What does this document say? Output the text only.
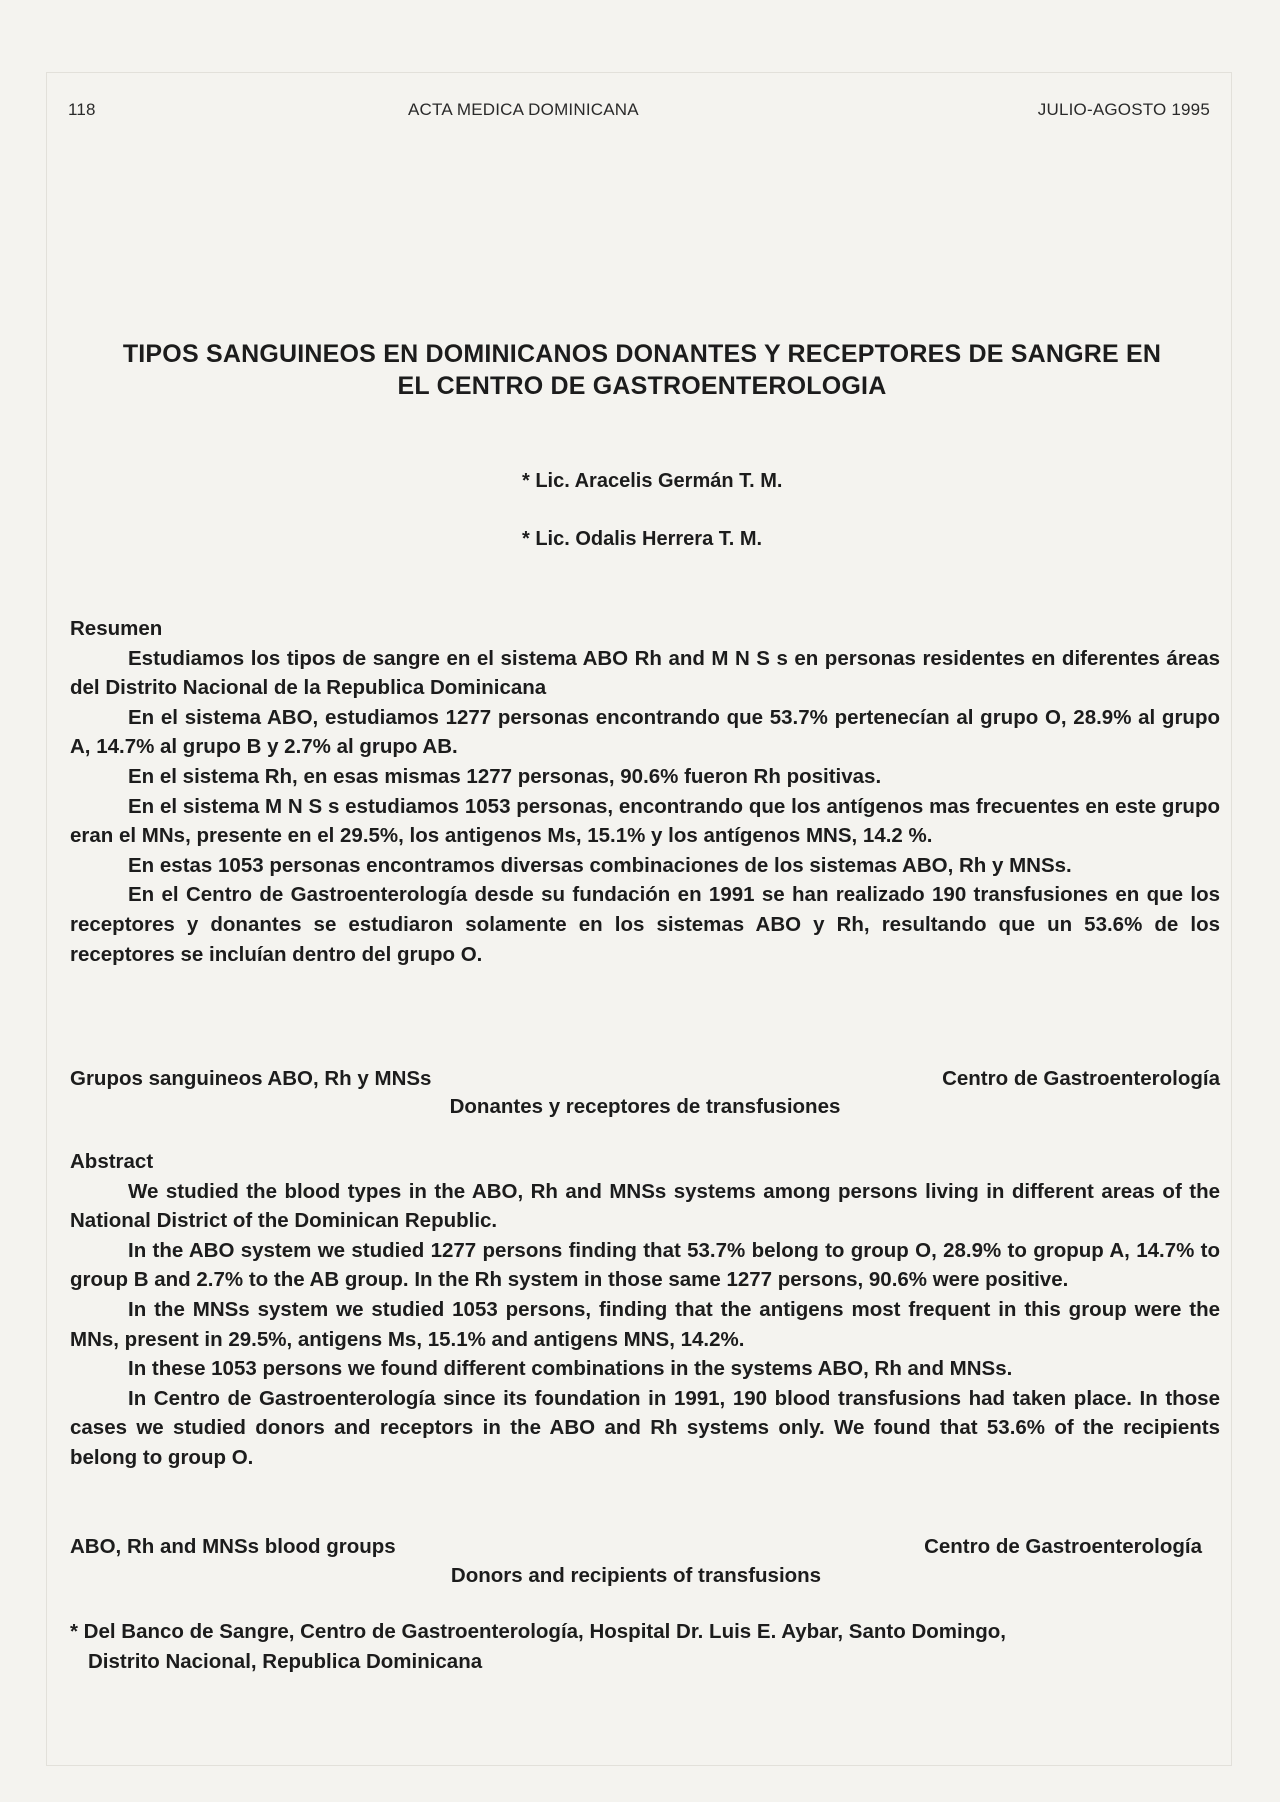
118	ACTA MEDICA DOMINICANA	JULIO-AGOSTO 1995
TIPOS SANGUINEOS EN DOMINICANOS DONANTES Y RECEPTORES DE SANGRE EN
EL CENTRO DE GASTROENTEROLOGIA
* Lic. Aracelis Germán T. M.
* Lic. Odalis Herrera T. M.

Resumen

Estudiamos los tipos de sangre en el sistema ABO Rh and M N S s en personas residentes en diferentes áreas del Distrito Nacional de la Republica Dominicana

En el sistema ABO, estudiamos 1277 personas encontrando que 53.7% pertenecían al grupo O, 28.9% al grupo A, 14.7% al grupo B y 2.7% al grupo AB.

En el sistema Rh, en esas mismas 1277 personas, 90.6% fueron Rh positivas.

En el sistema M N S s estudiamos 1053 personas, encontrando que los antígenos mas frecuentes en este grupo eran el MNs, presente en el 29.5%, los antigenos Ms, 15.1% y los antígenos MNS, 14.2 %.

En estas 1053 personas encontramos diversas combinaciones de los sistemas ABO, Rh y MNSs.

En el Centro de Gastroenterología desde su fundación en 1991 se han realizado 190 transfusiones en que los receptores y donantes se estudiaron solamente en los sistemas ABO y Rh, resultando que un 53.6% de los receptores se incluían dentro del grupo O.

Grupos sanguineos ABO, Rh y MNSs	Centro de Gastroenterología
Donantes y receptores de transfusiones

Abstract

We studied the blood types in the ABO, Rh and MNSs systems among persons living in different areas of the National District of the Dominican Republic.

In the ABO system we studied 1277 persons finding that 53.7% belong to group O, 28.9% to gropup A, 14.7% to group B and 2.7% to the AB group. In the Rh system in those same 1277 persons, 90.6% were positive.

In the MNSs system we studied 1053 persons, finding that the antigens most frequent in this group were the MNs, present in 29.5%, antigens Ms, 15.1% and antigens MNS, 14.2%.

In these 1053 persons we found different combinations in the systems ABO, Rh and MNSs.

In Centro de Gastroenterología since its foundation in 1991, 190 blood transfusions had taken place. In those cases we studied donors and receptors in the ABO and Rh systems only. We found that 53.6% of the recipients belong to group O.

ABO, Rh and MNSs blood groups	Centro de Gastroenterología
Donors and recipients of transfusions
* Del Banco de Sangre, Centro de Gastroenterología, Hospital Dr. Luis E. Aybar, Santo Domingo,
Distrito Nacional, Republica Dominicana
